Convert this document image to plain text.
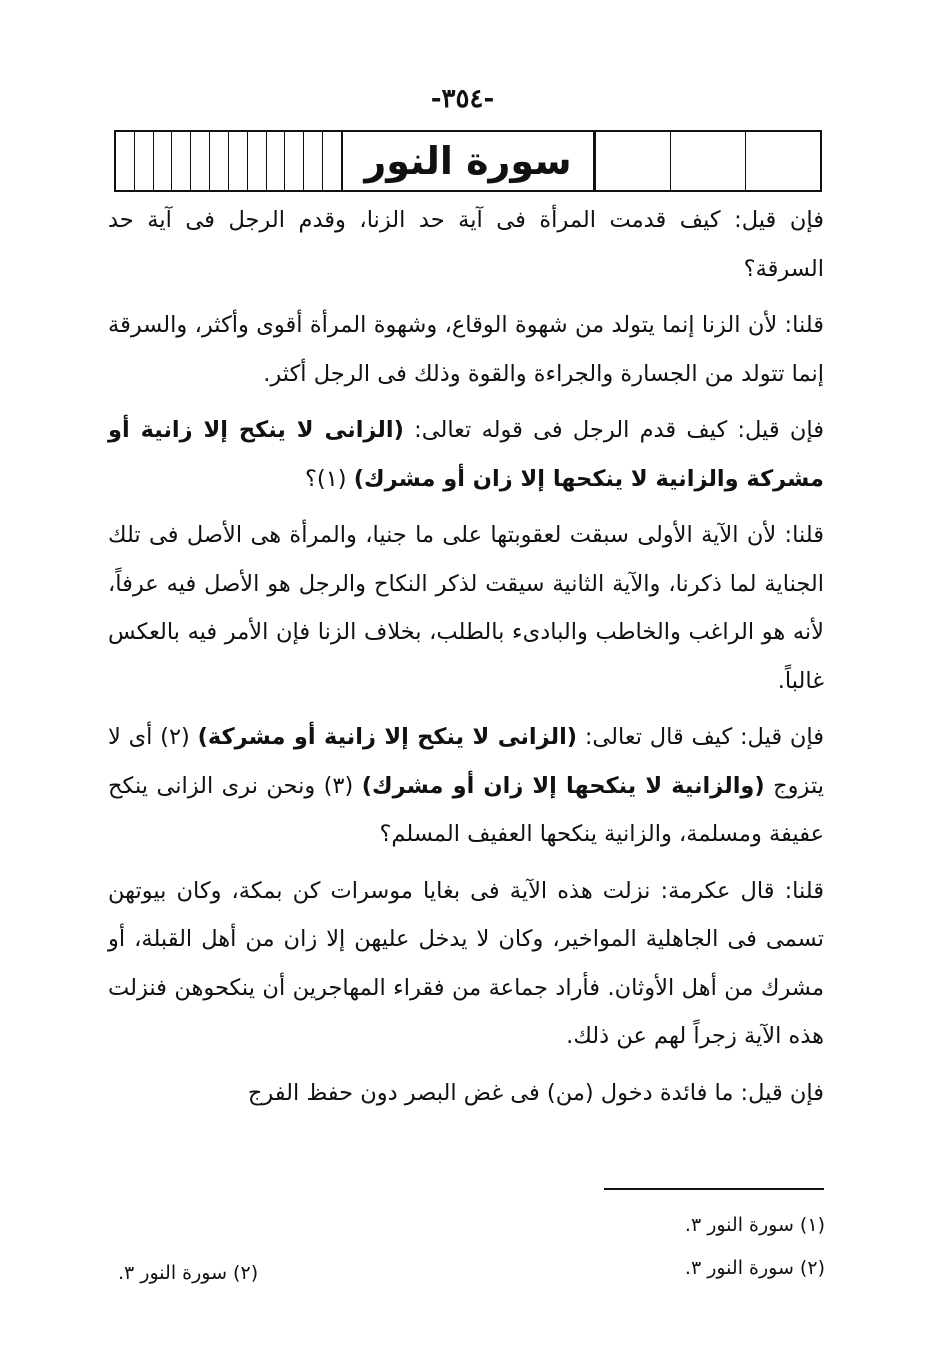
-٣٥٤-
سورة النور

فإن قيل: كيف قدمت المرأة فى آية حد الزنا، وقدم الرجل فى آية حد السرقة؟

قلنا: لأن الزنا إنما يتولد من شهوة الوقاع، وشهوة المرأة أقوى وأكثر، والسرقة إنما تتولد من الجسارة والجراءة والقوة وذلك فى الرجل أكثر.

فإن قيل: كيف قدم الرجل فى قوله تعالى: (الزانى لا ينكح إلا زانية أو مشركة والزانية لا ينكحها إلا زان أو مشرك) (١)؟

قلنا: لأن الآية الأولى سبقت لعقوبتها على ما جنيا، والمرأة هى الأصل فى تلك الجناية لما ذكرنا، والآية الثانية سيقت لذكر النكاح والرجل هو الأصل فيه عرفاً، لأنه هو الراغب والخاطب والبادىء بالطلب، بخلاف الزنا فإن الأمر فيه بالعكس غالباً.

فإن قيل: كيف قال تعالى: (الزانى لا ينكح إلا زانية أو مشركة) (٢) أى لا يتزوج (والزانية لا ينكحها إلا زان أو مشرك) (٣) ونحن نرى الزانى ينكح عفيفة ومسلمة، والزانية ينكحها العفيف المسلم؟

قلنا: قال عكرمة: نزلت هذه الآية فى بغايا موسرات كن بمكة، وكان بيوتهن تسمى فى الجاهلية المواخير، وكان لا يدخل عليهن إلا زان من أهل القبلة، أو مشرك من أهل الأوثان. فأراد جماعة من فقراء المهاجرين أن ينكحوهن فنزلت هذه الآية زجراً لهم عن ذلك.

فإن قيل: ما فائدة دخول (من) فى غض البصر دون حفظ الفرج

(١) سورة النور ٣.
(٢) سورة النور ٣.
(٢) سورة النور ٣.
